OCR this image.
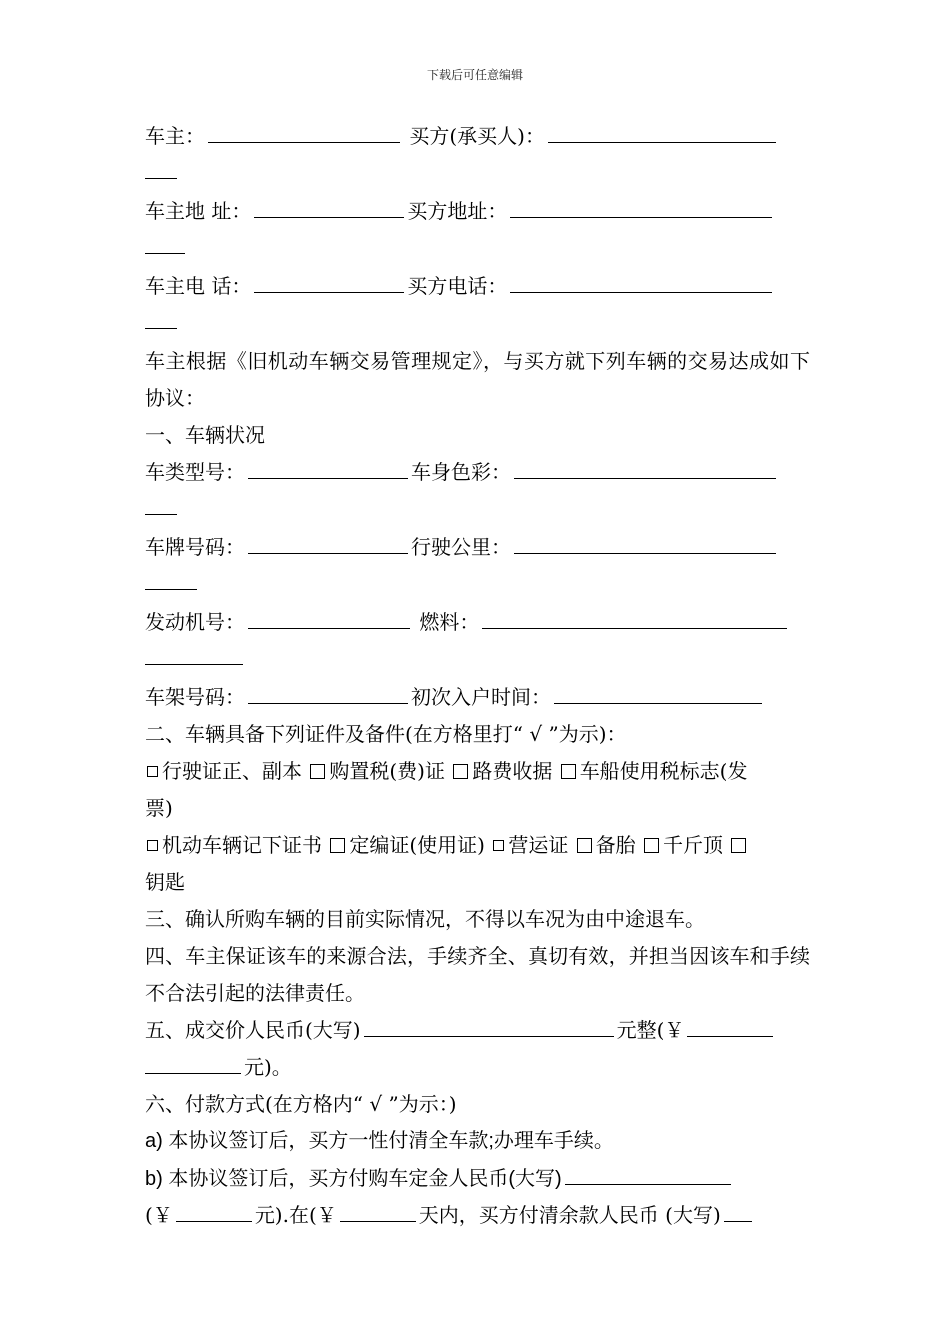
下载后可任意编辑
车主：	买方(承买人)：
车主地 址：	买方地址：
车主电 话：	买方电话：
车主根据《旧机动车辆交易管理规定》，与买方就下列车辆的交易达成如下协议：
一、车辆状况
车类型号：	车身色彩：
车牌号码：	行驶公里：
发动机号：	燃料：
车架号码：	初次入户时间：
二、车辆具备下列证件及备件(在方格里打“ √ ”为示)：
行驶证正、副本 购置税(费)证 路费收据 车船使用税标志(发
票)
机动车辆记下证书 定编证(使用证) 营运证 备胎 千斤顶
钥匙
三、确认所购车辆的目前实际情况，不得以车况为由中途退车。
四、车主保证该车的来源合法，手续齐全、真切有效，并担当因该车和手续不合法引起的法律责任。
五、成交价人民币(大写)	元整(￥
元)。
六、付款方式(在方格内“ √ ”为示：)
a) 本协议签订后，买方一性付清全车款;办理车手续。
b) 本协议签订后，买方付购车定金人民币(大写)
(￥	元).在(￥	天内，买方付清余款人民币 (大写)
